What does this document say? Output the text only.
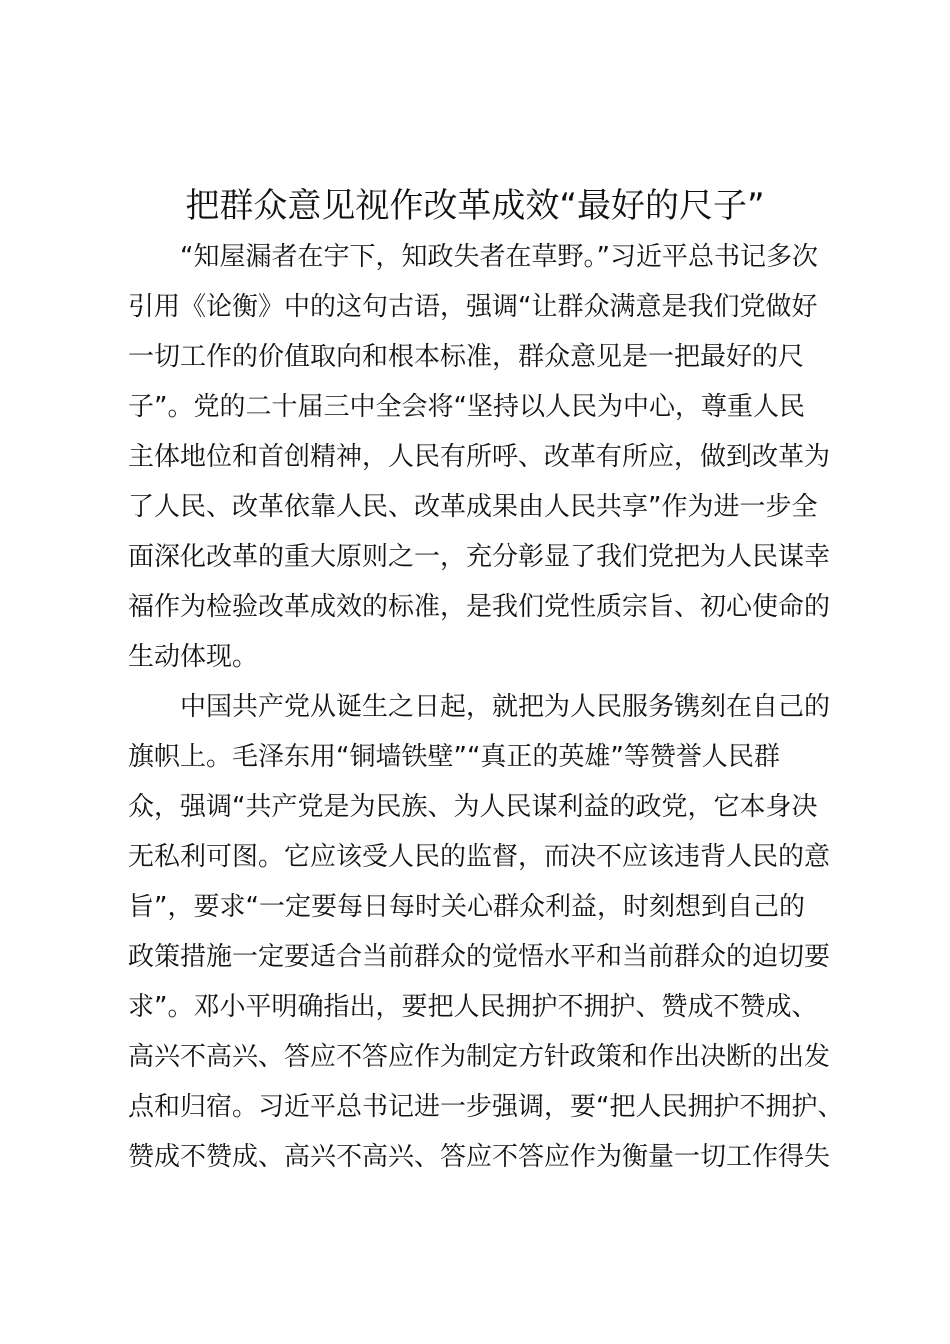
把群众意见视作改革成效“最好的尺子”
“知屋漏者在宇下，知政失者在草野。”习近平总书记多次
引用《论衡》中的这句古语，强调“让群众满意是我们党做好
一切工作的价值取向和根本标准，群众意见是一把最好的尺
子”。党的二十届三中全会将“坚持以人民为中心，尊重人民
主体地位和首创精神，人民有所呼、改革有所应，做到改革为
了人民、改革依靠人民、改革成果由人民共享”作为进一步全
面深化改革的重大原则之一，充分彰显了我们党把为人民谋幸
福作为检验改革成效的标准，是我们党性质宗旨、初心使命的
生动体现。
中国共产党从诞生之日起，就把为人民服务镌刻在自己的
旗帜上。毛泽东用“铜墙铁壁”“真正的英雄”等赞誉人民群
众，强调“共产党是为民族、为人民谋利益的政党，它本身决
无私利可图。它应该受人民的监督，而决不应该违背人民的意
旨”，要求“一定要每日每时关心群众利益，时刻想到自己的
政策措施一定要适合当前群众的觉悟水平和当前群众的迫切要
求”。邓小平明确指出，要把人民拥护不拥护、赞成不赞成、
高兴不高兴、答应不答应作为制定方针政策和作出决断的出发
点和归宿。习近平总书记进一步强调，要“把人民拥护不拥护、
赞成不赞成、高兴不高兴、答应不答应作为衡量一切工作得失
